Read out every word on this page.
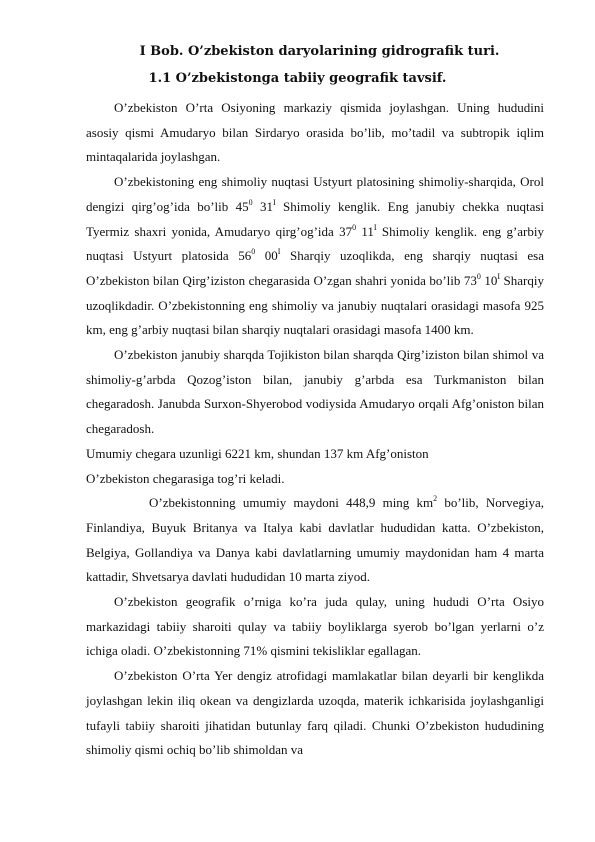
I Bob. O’zbekiston daryolarining gidrografik turi.
1.1 O’zbekistonga tabiiy geografik tavsif.

O’zbekiston O’rta Osiyoning markaziy qismida joylashgan. Uning hududini asosiy qismi Amudaryo bilan Sirdaryo orasida bo’lib, mo’tadil va subtropik iqlim mintaqalarida joylashgan.

O’zbekistoning eng shimoliy nuqtasi Ustyurt platosining shimoliy-sharqida, Orol dengizi qirg’og’ida bo’lib $45^0$ $31^I$ Shimoliy kenglik. Eng janubiy chekka nuqtasi Tyermiz shaxri yonida, Amudaryo qirg’og’ida $37^0$ $11^I$ Shimoliy kenglik. eng g’arbiy nuqtasi Ustyurt platosida $56^0$ $00^I$ Sharqiy uzoqlikda, eng sharqiy nuqtasi esa O’zbekiston bilan Qirg’iziston chegarasida O’zgan shahri yonida bo’lib $73^0$ $10^I$ Sharqiy uzoqlikdadir. O’zbekistonning eng shimoliy va janubiy nuqtalari orasidagi masofa 925 km, eng g’arbiy nuqtasi bilan sharqiy nuqtalari orasidagi masofa 1400 km.

O’zbekiston janubiy sharqda Tojikiston bilan sharqda Qirg’iziston bilan shimol va shimoliy-g’arbda Qozog’iston bilan, janubiy g’arbda esa Turkmaniston bilan chegaradosh. Janubda Surxon-Shyerobod vodiysida Amudaryo orqali Afg’oniston bilan chegaradosh.

Umumiy chegara uzunligi 6221 km, shundan 137 km Afg’oniston

O’zbekiston chegarasiga tog’ri keladi.

O’zbekistonning umumiy maydoni 448,9 ming $km^2$ bo’lib, Norvegiya, Finlandiya, Buyuk Britanya va Italya kabi davlatlar hududidan katta. O’zbekiston, Belgiya, Gollandiya va Danya kabi davlatlarning umumiy maydonidan ham 4 marta kattadir, Shvetsarya davlati hududidan 10 marta ziyod.

O’zbekiston geografik o’rniga ko’ra juda qulay, uning hududi O’rta Osiyo markazidagi tabiiy sharoiti qulay va tabiiy boyliklarga syerob bo’lgan yerlarni o’z ichiga oladi. O’zbekistonning 71% qismini tekisliklar egallagan.

O’zbekiston O’rta Yer dengiz atrofidagi mamlakatlar bilan deyarli bir kenglikda joylashgan lekin iliq okean va dengizlarda uzoqda, materik ichkarisida joylashganligi tufayli tabiiy sharoiti jihatidan butunlay farq qiladi. Chunki O’zbekiston hududining shimoliy qismi ochiq bo’lib shimoldan va
